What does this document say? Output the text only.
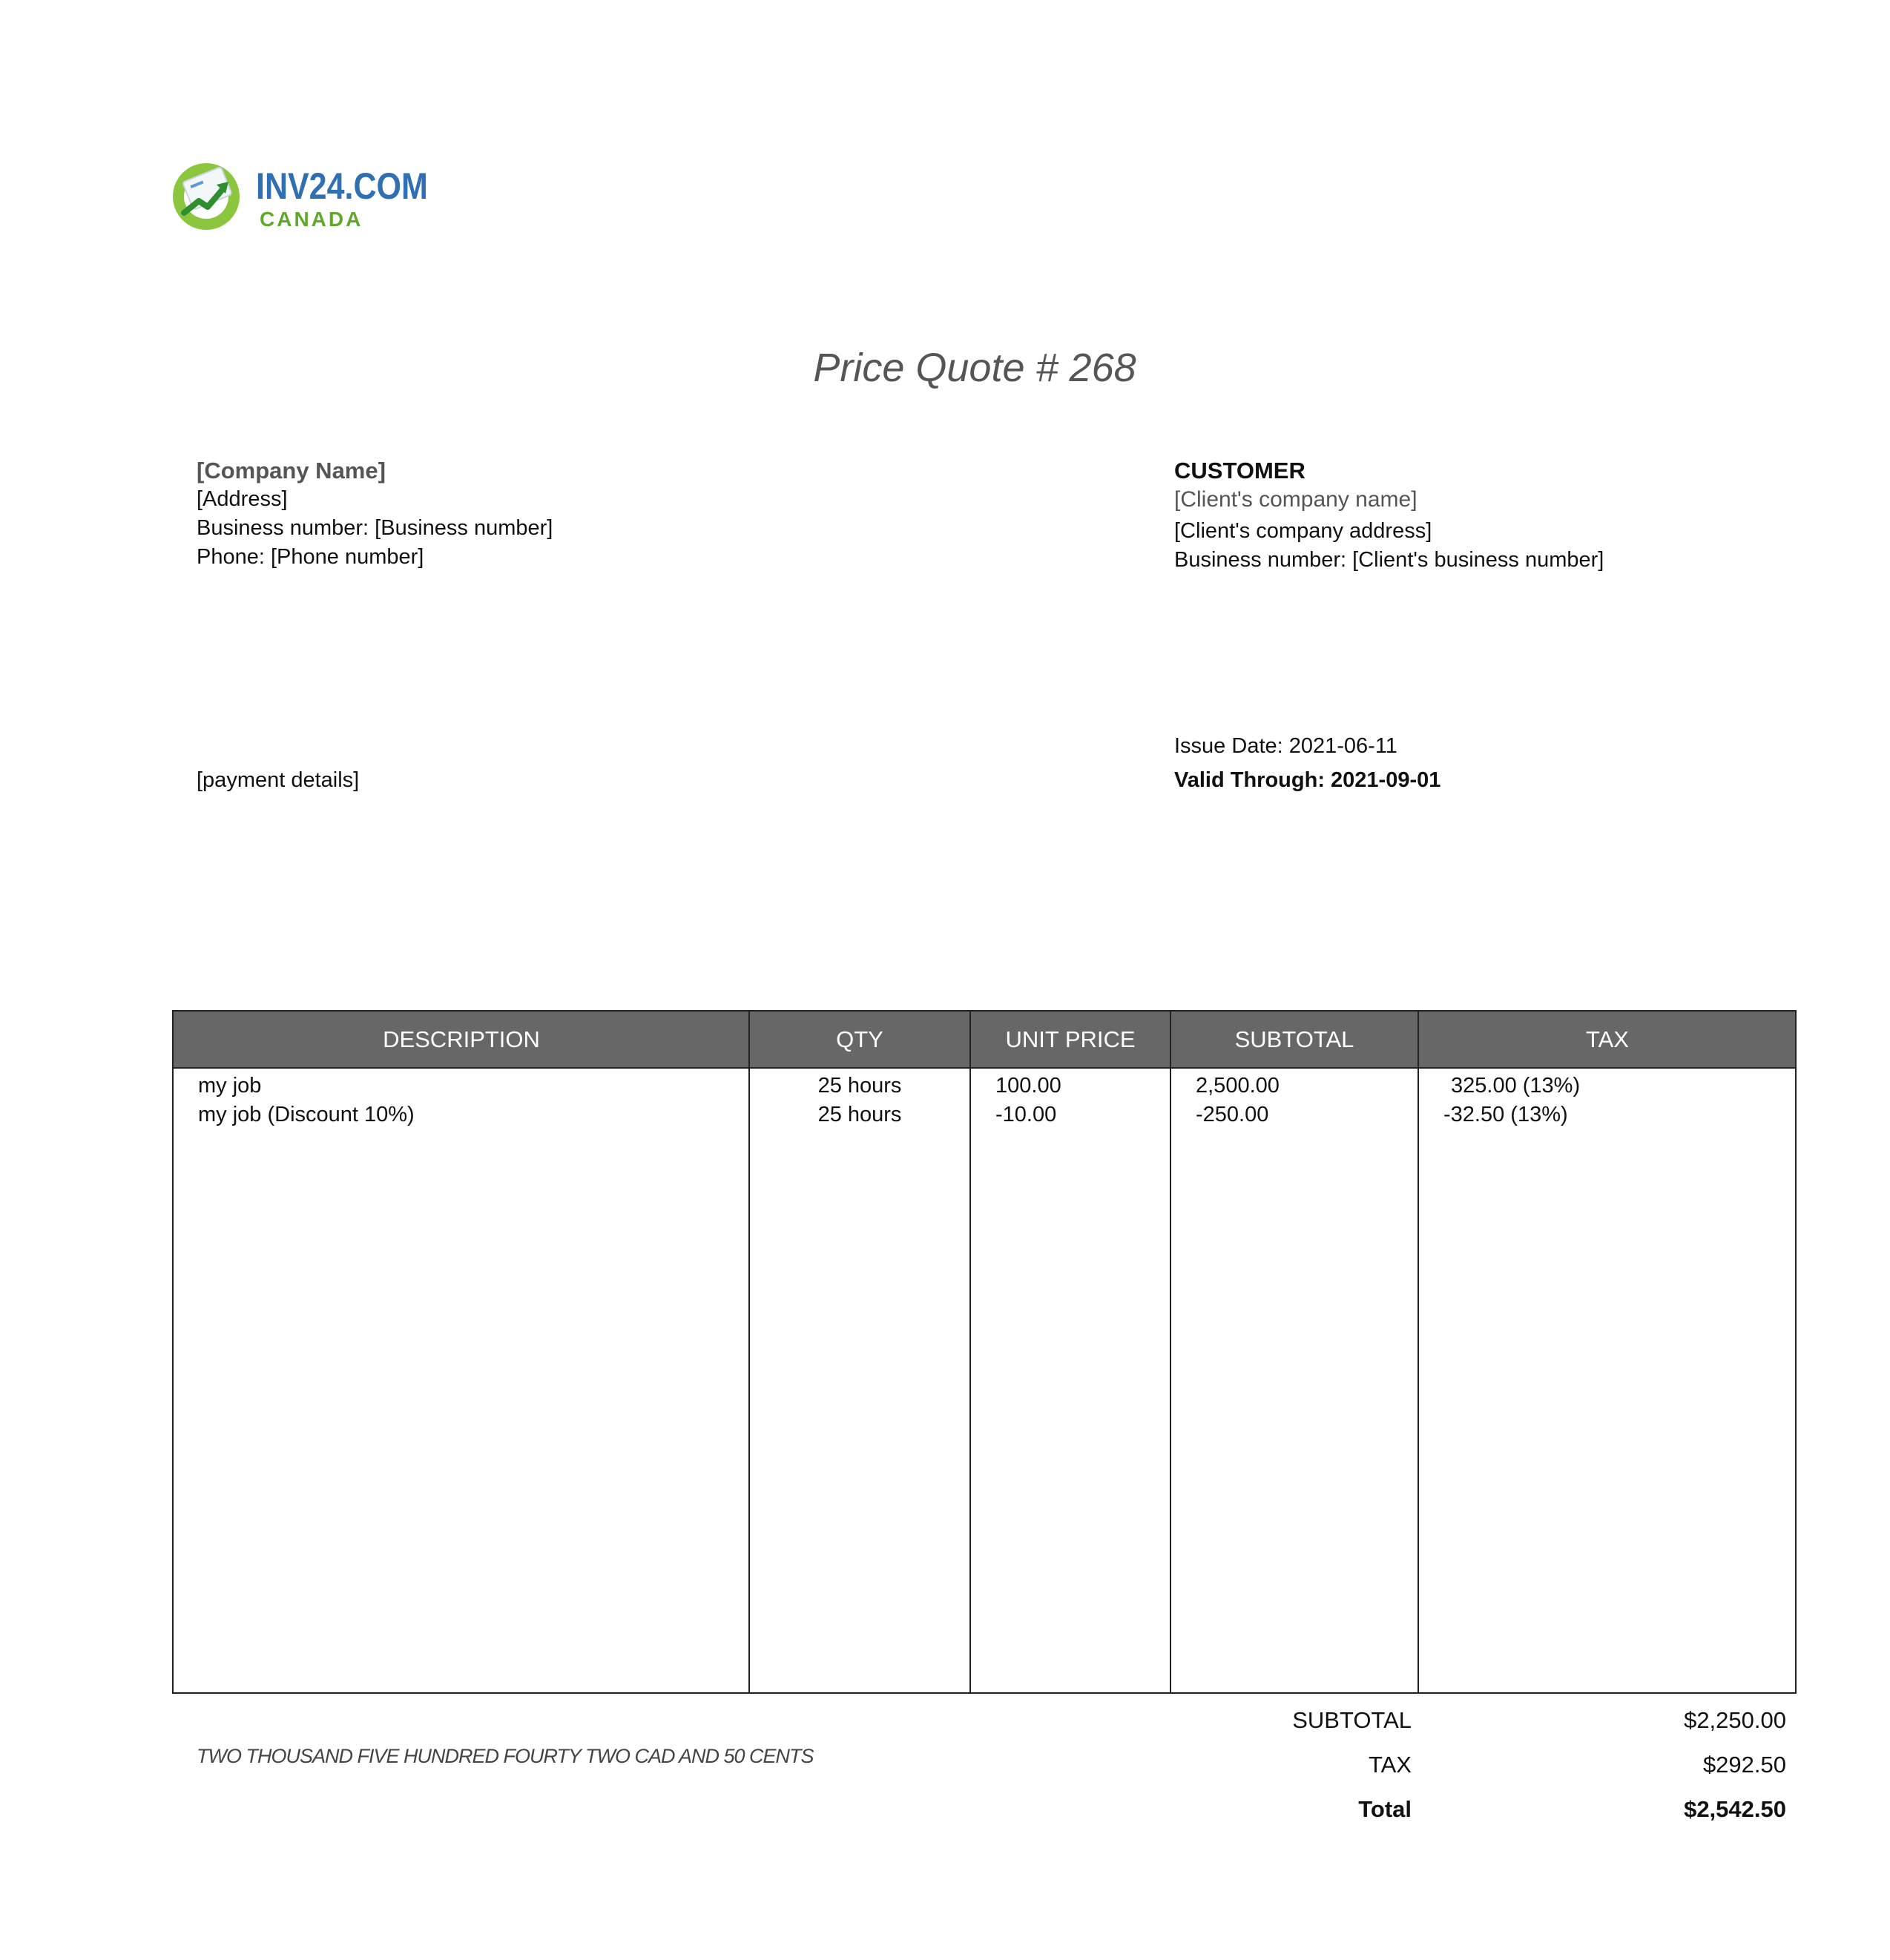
INV24.COM
CANADA
Price Quote # 268
[Company Name]
[Address]
Business number: [Business number]
Phone: [Phone number]
CUSTOMER
[Client's company name]
[Client's company address]
Business number: [Client's business number]
[payment details]
Issue Date: 2021-06-11
Valid Through: 2021-09-01
DESCRIPTION	QTY	UNIT PRICE	SUBTOTAL	TAX
my job	25 hours	100.00	2,500.00	325.00 (13%)
my job (Discount 10%)	25 hours	-10.00	-250.00	-32.50 (13%)
TWO THOUSAND FIVE HUNDRED FOURTY TWO CAD AND 50 CENTS
SUBTOTAL	$2,250.00
TAX	$292.50
Total	$2,542.50
